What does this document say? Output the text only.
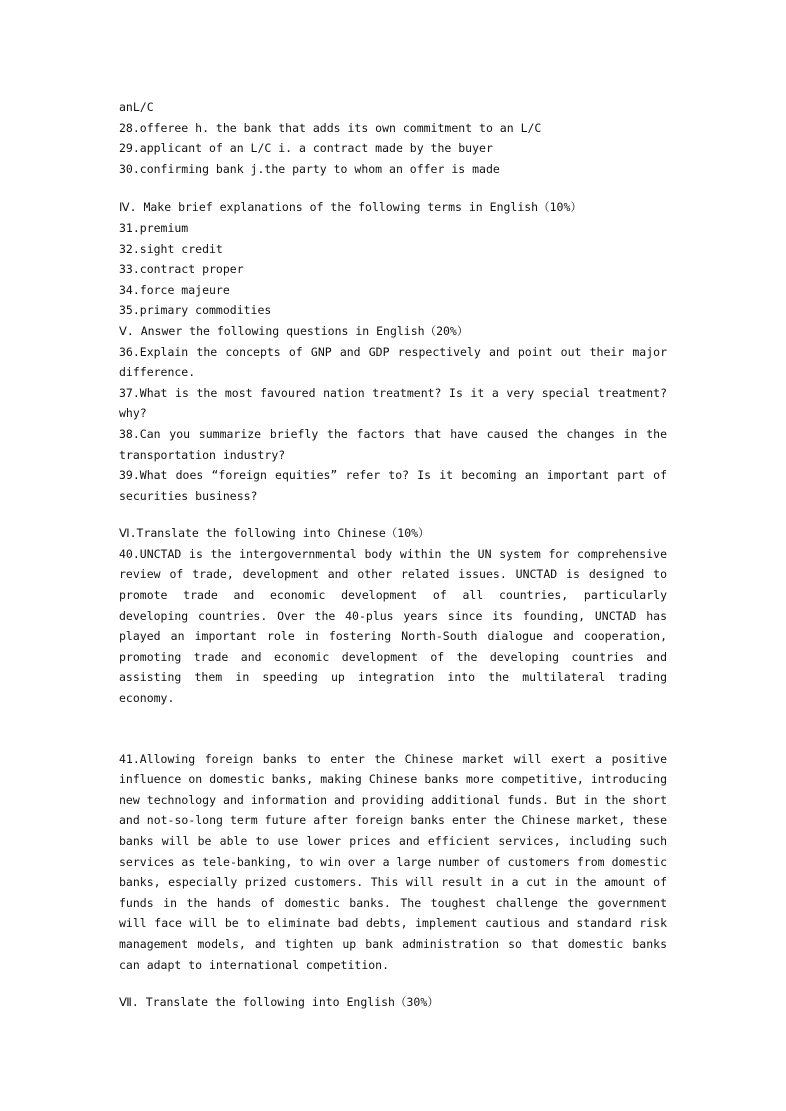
anL/C
28.offeree h. the bank that adds its own commitment to an L/C
29.applicant of an L/C i. a contract made by the buyer
30.confirming bank j.the party to whom an offer is made
Ⅳ. Make brief explanations of the following terms in English（10%）
31.premium
32.sight credit
33.contract proper
34.force majeure
35.primary commodities
Ⅴ. Answer the following questions in English（20%）
36.Explain the concepts of GNP and GDP respectively and point out their major difference.
37.What is the most favoured nation treatment? Is it a very special treatment? why?
38.Can you summarize briefly the factors that have caused the changes in the transportation industry?
39.What does “foreign equities” refer to? Is it becoming an important part of securities business?
Ⅵ.Translate the following into Chinese（10%）
40.UNCTAD is the intergovernmental body within the UN system for comprehensive review of trade, development and other related issues. UNCTAD is designed to promote trade and economic development of all countries, particularly developing countries. Over the 40-plus years since its founding, UNCTAD has played an important role in fostering North-South dialogue and cooperation, promoting trade and economic development of the developing countries and assisting them in speeding up integration into the multilateral trading economy.
41.Allowing foreign banks to enter the Chinese market will exert a positive influence on domestic banks, making Chinese banks more competitive, introducing new technology and information and providing additional funds. But in the short and not-so-long term future after foreign banks enter the Chinese market, these banks will be able to use lower prices and efficient services, including such services as tele-banking, to win over a large number of customers from domestic banks, especially prized customers. This will result in a cut in the amount of funds in the hands of domestic banks. The toughest challenge the government will face will be to eliminate bad debts, implement cautious and standard risk management models, and tighten up bank administration so that domestic banks can adapt to international competition.
Ⅶ. Translate the following into English（30%）
